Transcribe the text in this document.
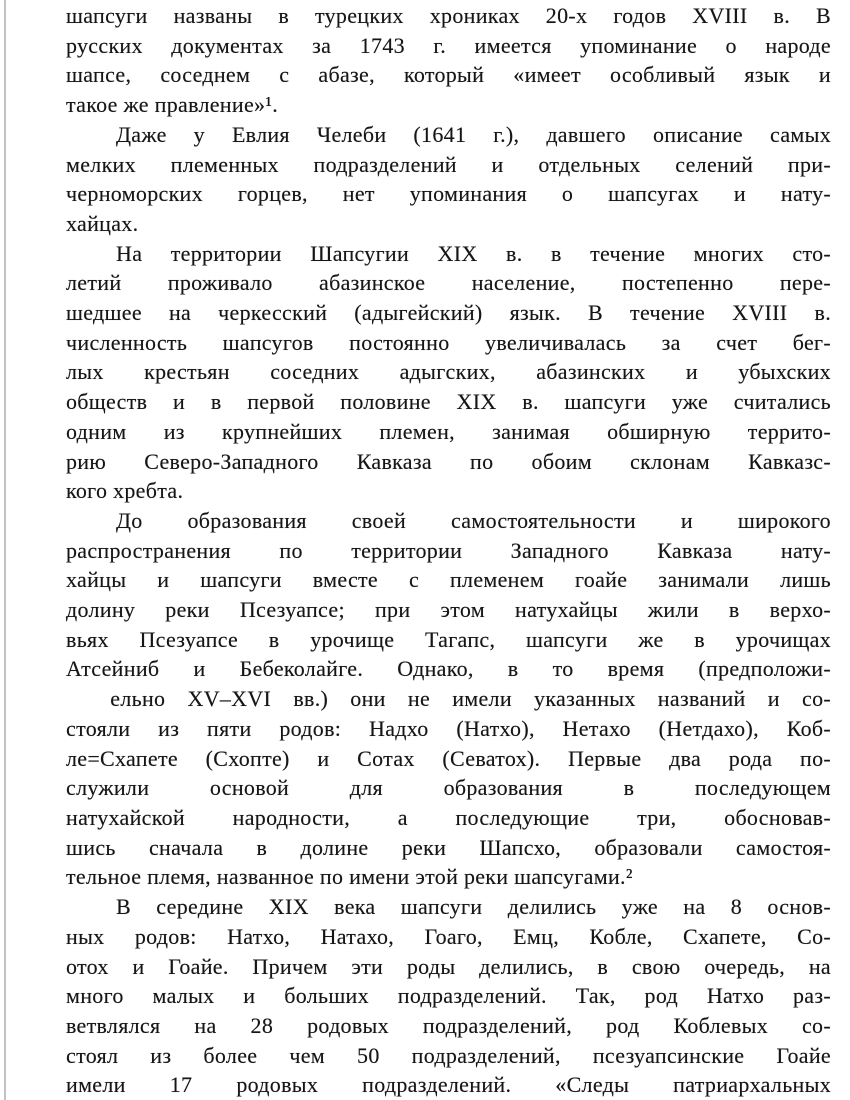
шапсуги названы в турецких хрониках 20-х годов XVIII в. В
русских документах за 1743 г. имеется упоминание о народе
шапсе, соседнем с абазе, который «имеет особливый язык и
такое же правление»¹.
Даже у Евлия Челеби (1641 г.), давшего описание самых
мелких племенных подразделений и отдельных селений при-
черноморских горцев, нет упоминания о шапсугах и нату-
хайцах.
На территории Шапсугии XIX в. в течение многих сто-
летий проживало абазинское население, постепенно пере-
шедшее на черкесский (адыгейский) язык. В течение XVIII в.
численность шапсугов постоянно увеличивалась за счет бег-
лых крестьян соседних адыгских, абазинских и убыхских
обществ и в первой половине XIX в. шапсуги уже считались
одним из крупнейших племен, занимая обширную террито-
рию Северо-Западного Кавказа по обоим склонам Кавказс-
кого хребта.
До образования своей самостоятельности и широкого
распространения по территории Западного Кавказа нату-
хайцы и шапсуги вместе с племенем гоайе занимали лишь
долину реки Псезуапсе; при этом натухайцы жили в верхо-
вьях Псезуапсе в урочище Тагапс, шапсуги же в урочищах
Атсейниб и Бебеколайге. Однако, в то время (предположи-
ельно XV–XVI вв.) они не имели указанных названий и со-
стояли из пяти родов: Надхо (Натхо), Нетахо (Нетдахо), Коб-
ле=Схапете (Схопте) и Сотах (Севатох). Первые два рода по-
служили основой для образования в последующем
натухайской народности, а последующие три, обосновав-
шись сначала в долине реки Шапсхо, образовали самостоя-
тельное племя, названное по имени этой реки шапсугами.²
В середине XIX века шапсуги делились уже на 8 основ-
ных родов: Натхо, Натахо, Гоаго, Емц, Кобле, Схапете, Со-
отох и Гоайе. Причем эти роды делились, в свою очередь, на
много малых и больших подразделений. Так, род Натхо раз-
ветвлялся на 28 родовых подразделений, род Коблевых со-
стоял из более чем 50 подразделений, псезуапсинские Гоайе
имели 17 родовых подразделений. «Следы патриархальных
